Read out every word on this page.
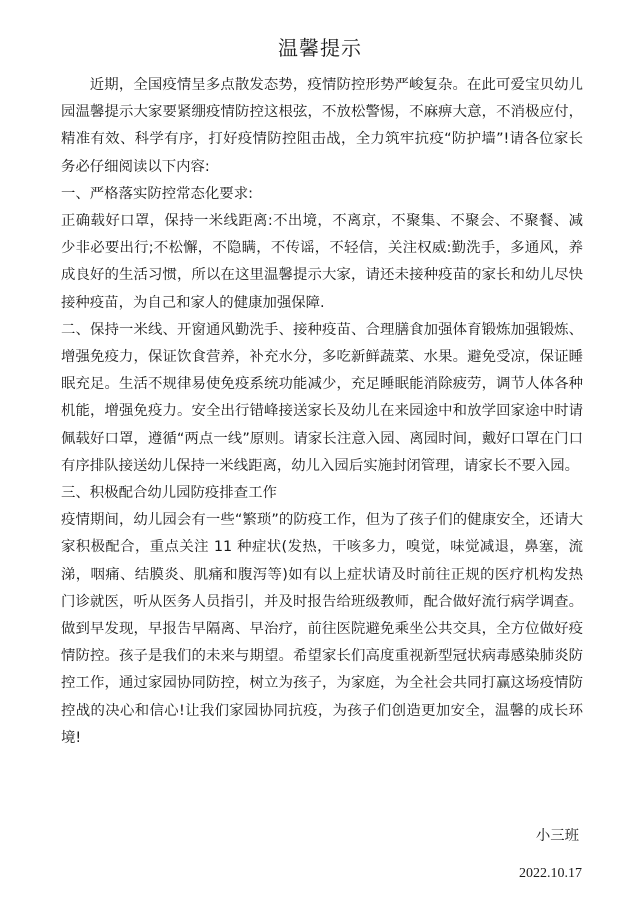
温馨提示

近期，全国疫情呈多点散发态势，疫情防控形势严峻复杂。在此可爱宝贝幼儿园温馨提示大家要紧绷疫情防控这根弦，不放松警惕，不麻痹大意，不消极应付，精准有效、科学有序，打好疫情防控阻击战，全力筑牢抗疫“防护墙”!请各位家长务必仔细阅读以下内容:

一、严格落实防控常态化要求:

正确载好口罩，保持一米线距离:不出境，不离京，不聚集、不聚会、不聚餐、减少非必要出行;不松懈，不隐瞒，不传谣，不轻信，关注权威:勤洗手，多通风，养成良好的生活习惯，所以在这里温馨提示大家，请还未接种疫苗的家长和幼儿尽快接种疫苗，为自己和家人的健康加强保障.

二、保持一米线、开窗通风勤洗手、接种疫苗、合理膳食加强体育锻炼加强锻炼、增强免疫力，保证饮食营养，补充水分，多吃新鲜蔬菜、水果。避免受凉，保证睡眠充足。生活不规律易使免疫系统功能减少，充足睡眠能消除疲劳，调节人体各种机能，增强免疫力。安全出行错峰接送家长及幼儿在来园途中和放学回家途中时请佩载好口罩，遵循“两点一线”原则。请家长注意入园、离园时间，戴好口罩在门口有序排队接送幼儿保持一米线距离，幼儿入园后实施封闭管理，请家长不要入园。

三、积极配合幼儿园防疫排查工作

疫情期间，幼儿园会有一些“繁琐”的防疫工作，但为了孩子们的健康安全，还请大家积极配合，重点关注 11 种症状(发热，干咳多力，嗅觉，味觉减退，鼻塞，流涕，咽痛、结膜炎、肌痛和腹泻等)如有以上症状请及时前往正规的医疗机构发热门诊就医，听从医务人员指引，并及时报告给班级教师，配合做好流行病学调查。做到早发现，早报告早隔离、早治疗，前往医院避免乘坐公共交具，全方位做好疫情防控。孩子是我们的未来与期望。希望家长们高度重视新型冠状病毒感染肺炎防控工作，通过家园协同防控，树立为孩子，为家庭，为全社会共同打赢这场疫情防控战的决心和信心!让我们家园协同抗疫，为孩子们创造更加安全，温馨的成长环境!

小三班
2022.10.17
